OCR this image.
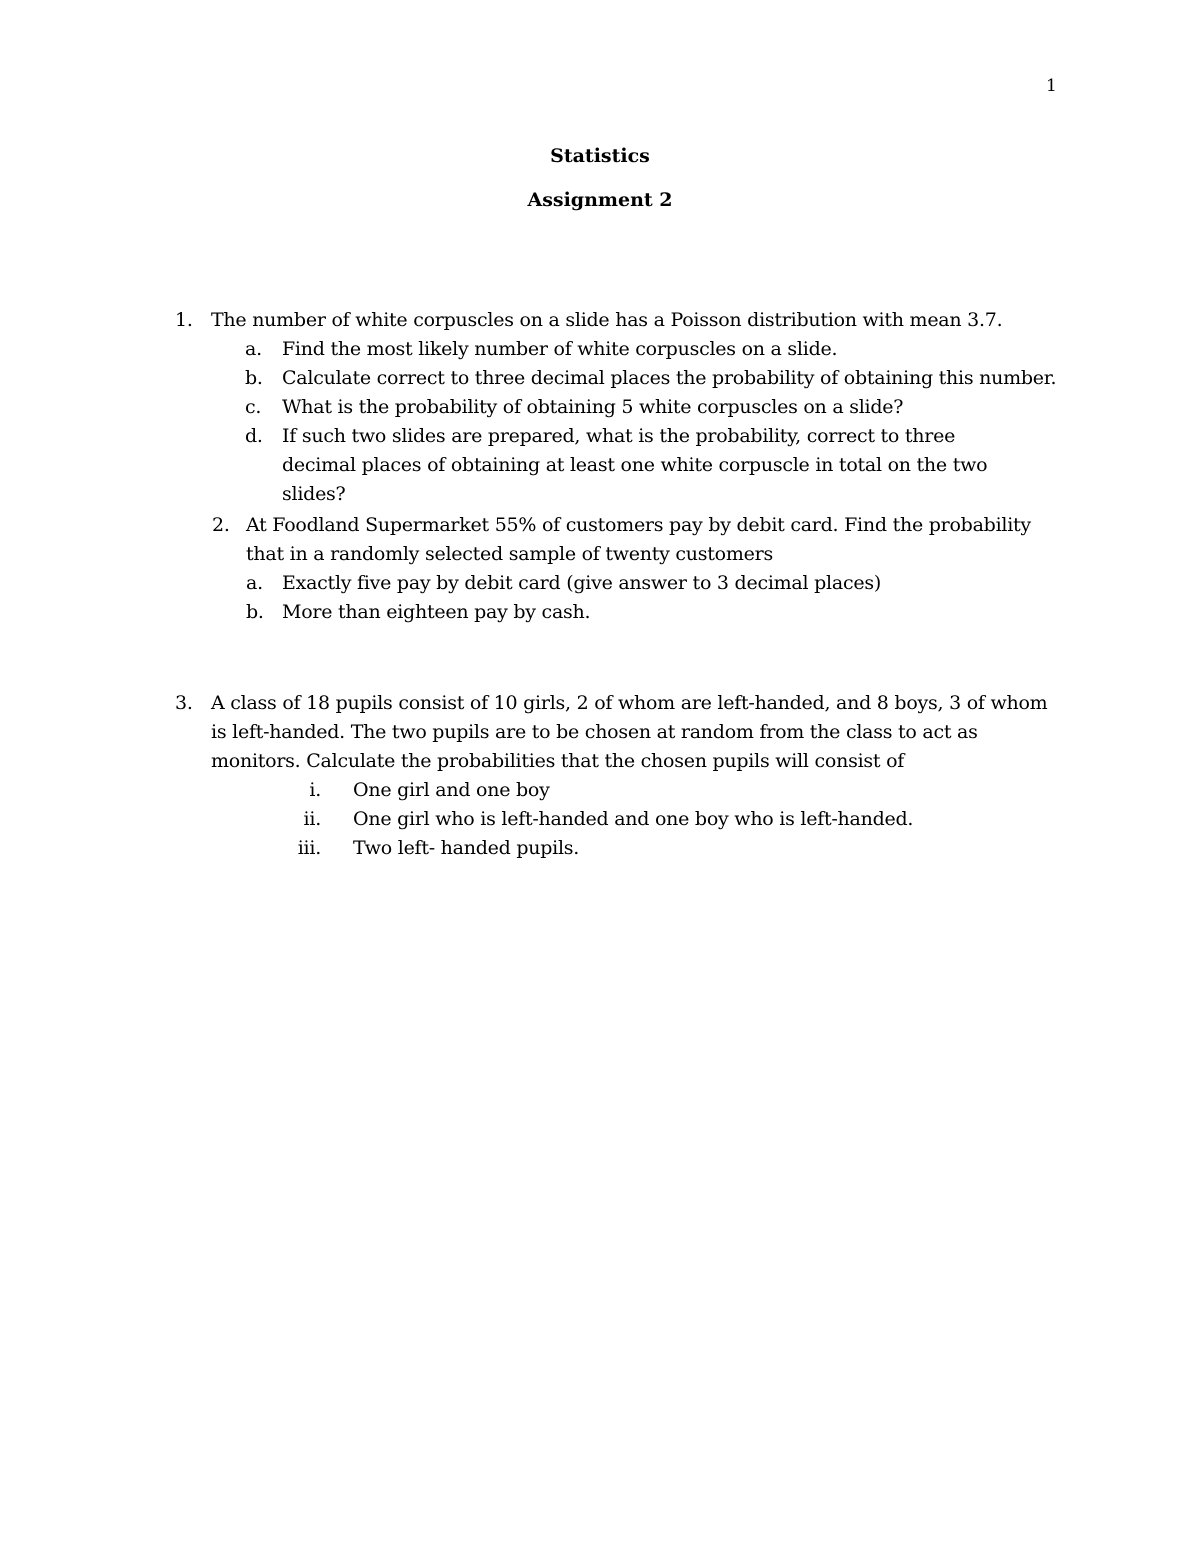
1
Statistics
Assignment 2
1. The number of white corpuscles on a slide has a Poisson distribution with mean 3.7.
a.	Find the most likely number of white corpuscles on a slide.
b.	Calculate correct to three decimal places the probability of obtaining this number.
c.	What is the probability of obtaining 5 white corpuscles on a slide?
d.	If such two slides are prepared, what is the probability, correct to three decimal places of obtaining at least one white corpuscle in total on the two slides?
2. At Foodland Supermarket 55% of customers pay by debit card. Find the probability that in a randomly selected sample of twenty customers
a.	Exactly five pay by debit card (give answer to 3 decimal places)
b. More than eighteen pay by cash.
3. A class of 18 pupils consist of 10 girls, 2 of whom are left-handed, and 8 boys, 3 of whom is left-handed. The two pupils are to be chosen at random from the class to act as monitors. Calculate the probabilities that the chosen pupils will consist of
i. One girl and one boy
ii. One girl who is left-handed and one boy who is left-handed.
iii. Two left- handed pupils.
